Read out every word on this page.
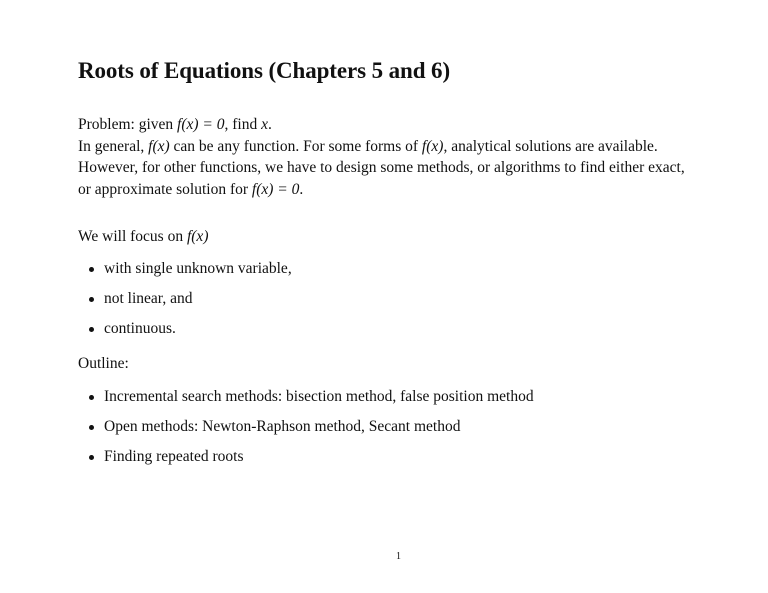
Roots of Equations (Chapters 5 and 6)
Problem: given f(x) = 0, find x.
In general, f(x) can be any function. For some forms of f(x), analytical solutions are available.
However, for other functions, we have to design some methods, or algorithms to find either exact,
or approximate solution for f(x) = 0.
We will focus on f(x)
with single unknown variable,
not linear, and
continuous.
Outline:
Incremental search methods: bisection method, false position method
Open methods: Newton-Raphson method, Secant method
Finding repeated roots
1
